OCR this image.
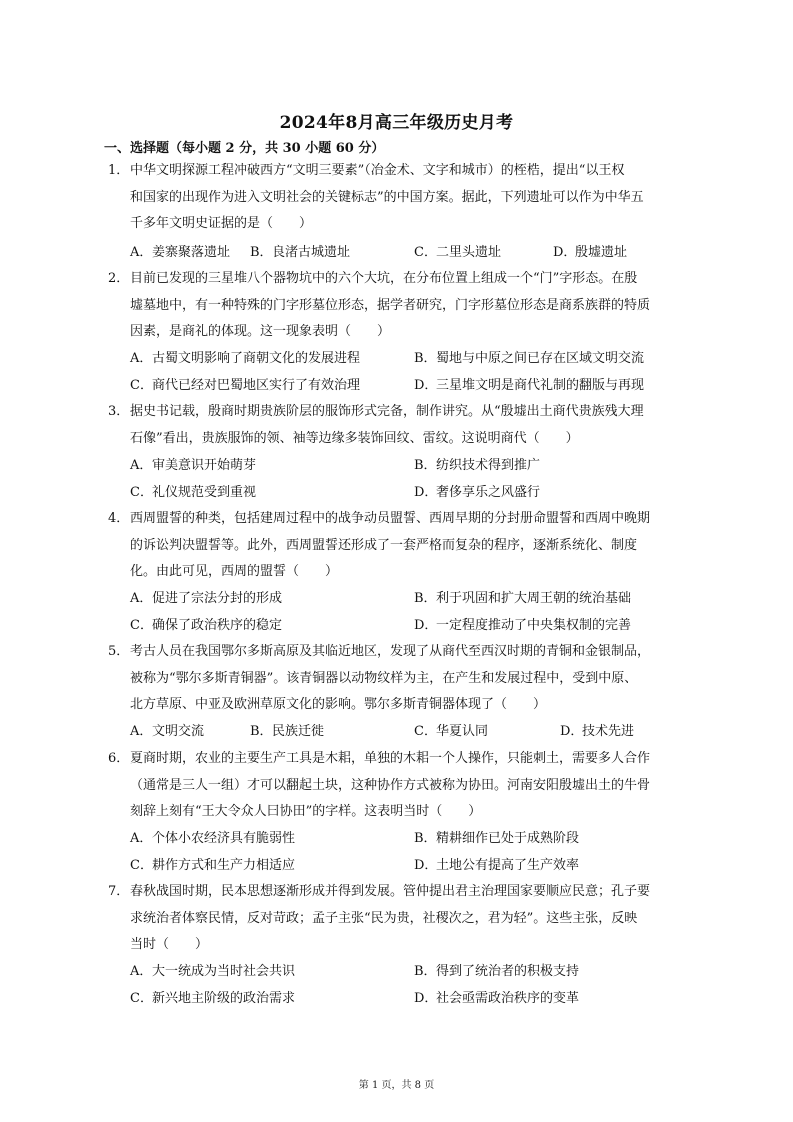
2024年8月高三年级历史月考
一、选择题（每小题 2 分，共 30 小题 60 分）
1．中华文明探源工程冲破西方“文明三要素”（冶金术、文字和城市）的桎梏，提出“以王权
和国家的出现作为进入文明社会的关键标志”的中国方案。据此，下列遗址可以作为中华五
千多年文明史证据的是（　　）
A．姜寨聚落遗址 B．良渚古城遗址	C．二里头遗址	D．殷墟遗址
2．目前已发现的三星堆八个器物坑中的六个大坑，在分布位置上组成一个“门”字形态。在殷
墟墓地中，有一种特殊的门字形墓位形态，据学者研究，门字形墓位形态是商系族群的特质
因素，是商礼的体现。这一现象表明（　　）
A．古蜀文明影响了商朝文化的发展进程	B．蜀地与中原之间已存在区域文明交流
C．商代已经对巴蜀地区实行了有效治理	D．三星堆文明是商代礼制的翻版与再现
3．据史书记载，殷商时期贵族阶层的服饰形式完备，制作讲究。从“殷墟出土商代贵族残大理
石像”看出，贵族服饰的领、袖等边缘多装饰回纹、雷纹。这说明商代（　　）
A．审美意识开始萌芽	B．纺织技术得到推广
C．礼仪规范受到重视	D．奢侈享乐之风盛行
4．西周盟誓的种类，包括建周过程中的战争动员盟誓、西周早期的分封册命盟誓和西周中晚期
的诉讼判决盟誓等。此外，西周盟誓还形成了一套严格而复杂的程序，逐渐系统化、制度
化。由此可见，西周的盟誓（　　）
A．促进了宗法分封的形成	B．利于巩固和扩大周王朝的统治基础
C．确保了政治秩序的稳定	D．一定程度推动了中央集权制的完善
5．考古人员在我国鄂尔多斯高原及其临近地区，发现了从商代至西汉时期的青铜和金银制品，
被称为“鄂尔多斯青铜器”。该青铜器以动物纹样为主，在产生和发展过程中，受到中原、
北方草原、中亚及欧洲草原文化的影响。鄂尔多斯青铜器体现了（　　）
A．文明交流	B．民族迁徙	C．华夏认同	D．技术先进
6．夏商时期，农业的主要生产工具是木耜，单独的木耜一个人操作，只能刺土，需要多人合作
（通常是三人一组）才可以翻起土块，这种协作方式被称为协田。河南安阳殷墟出土的牛骨
刻辞上刻有“王大令众人曰协田”的字样。这表明当时（　　）
A．个体小农经济具有脆弱性	B．精耕细作已处于成熟阶段
C．耕作方式和生产力相适应	D．土地公有提高了生产效率
7．春秋战国时期，民本思想逐渐形成并得到发展。管仲提出君主治理国家要顺应民意；孔子要
求统治者体察民情，反对苛政；孟子主张“民为贵，社稷次之，君为轻”。这些主张，反映
当时（　　）
A．大一统成为当时社会共识	B．得到了统治者的积极支持
C．新兴地主阶级的政治需求	D．社会亟需政治秩序的变革
第 1 页，共 8 页
